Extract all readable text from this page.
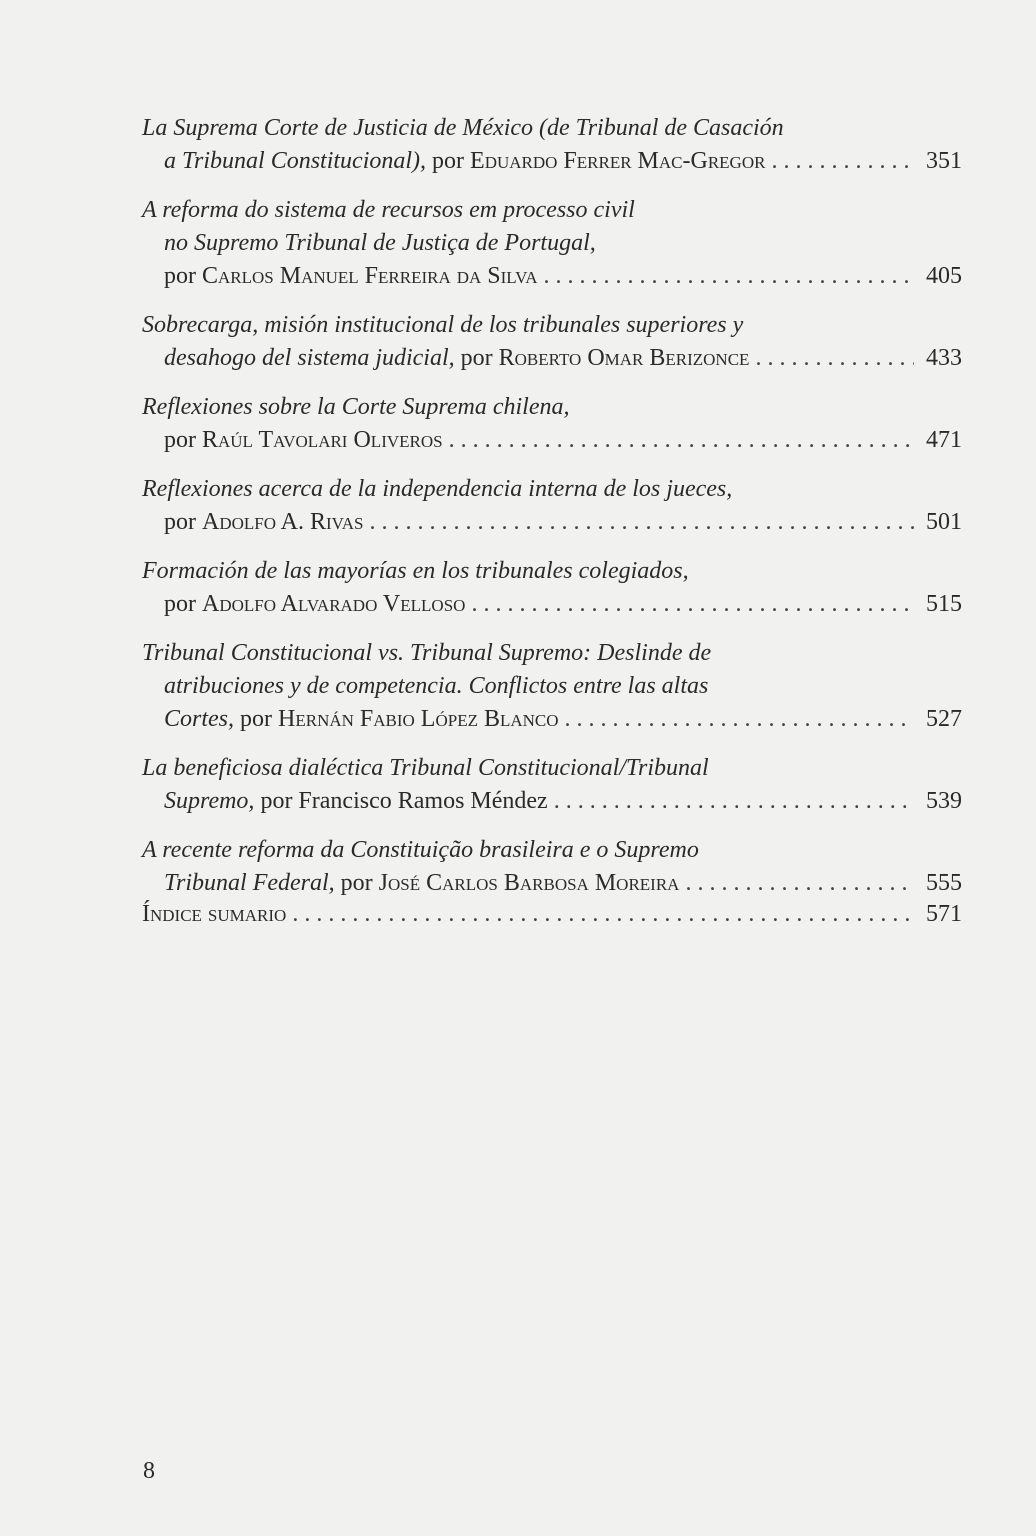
La Suprema Corte de Justicia de México (de Tribunal de Casación
a Tribunal Constitucional), por Eduardo Ferrer Mac-Gregor . . .	351
A reforma do sistema de recursos em processo civil
no Supremo Tribunal de Justiça de Portugal,
por Carlos Manuel Ferreira da Silva . . .	405
Sobrecarga, misión institucional de los tribunales superiores y
desahogo del sistema judicial, por Roberto Omar Berizonce . . .	433
Reflexiones sobre la Corte Suprema chilena,
por Raúl Tavolari Oliveros . . .	471
Reflexiones acerca de la independencia interna de los jueces,
por Adolfo A. Rivas . . .	501
Formación de las mayorías en los tribunales colegiados,
por Adolfo Alvarado Velloso . . .	515
Tribunal Constitucional vs. Tribunal Supremo: Deslinde de
atribuciones y de competencia. Conflictos entre las altas
Cortes, por Hernán Fabio López Blanco . . .	527
La beneficiosa dialéctica Tribunal Constitucional/Tribunal
Supremo, por Francisco Ramos Méndez . . .	539
A recente reforma da Constituição brasileira e o Supremo
Tribunal Federal, por José Carlos Barbosa Moreira . . .	555
Índice sumario . . .	571
8
